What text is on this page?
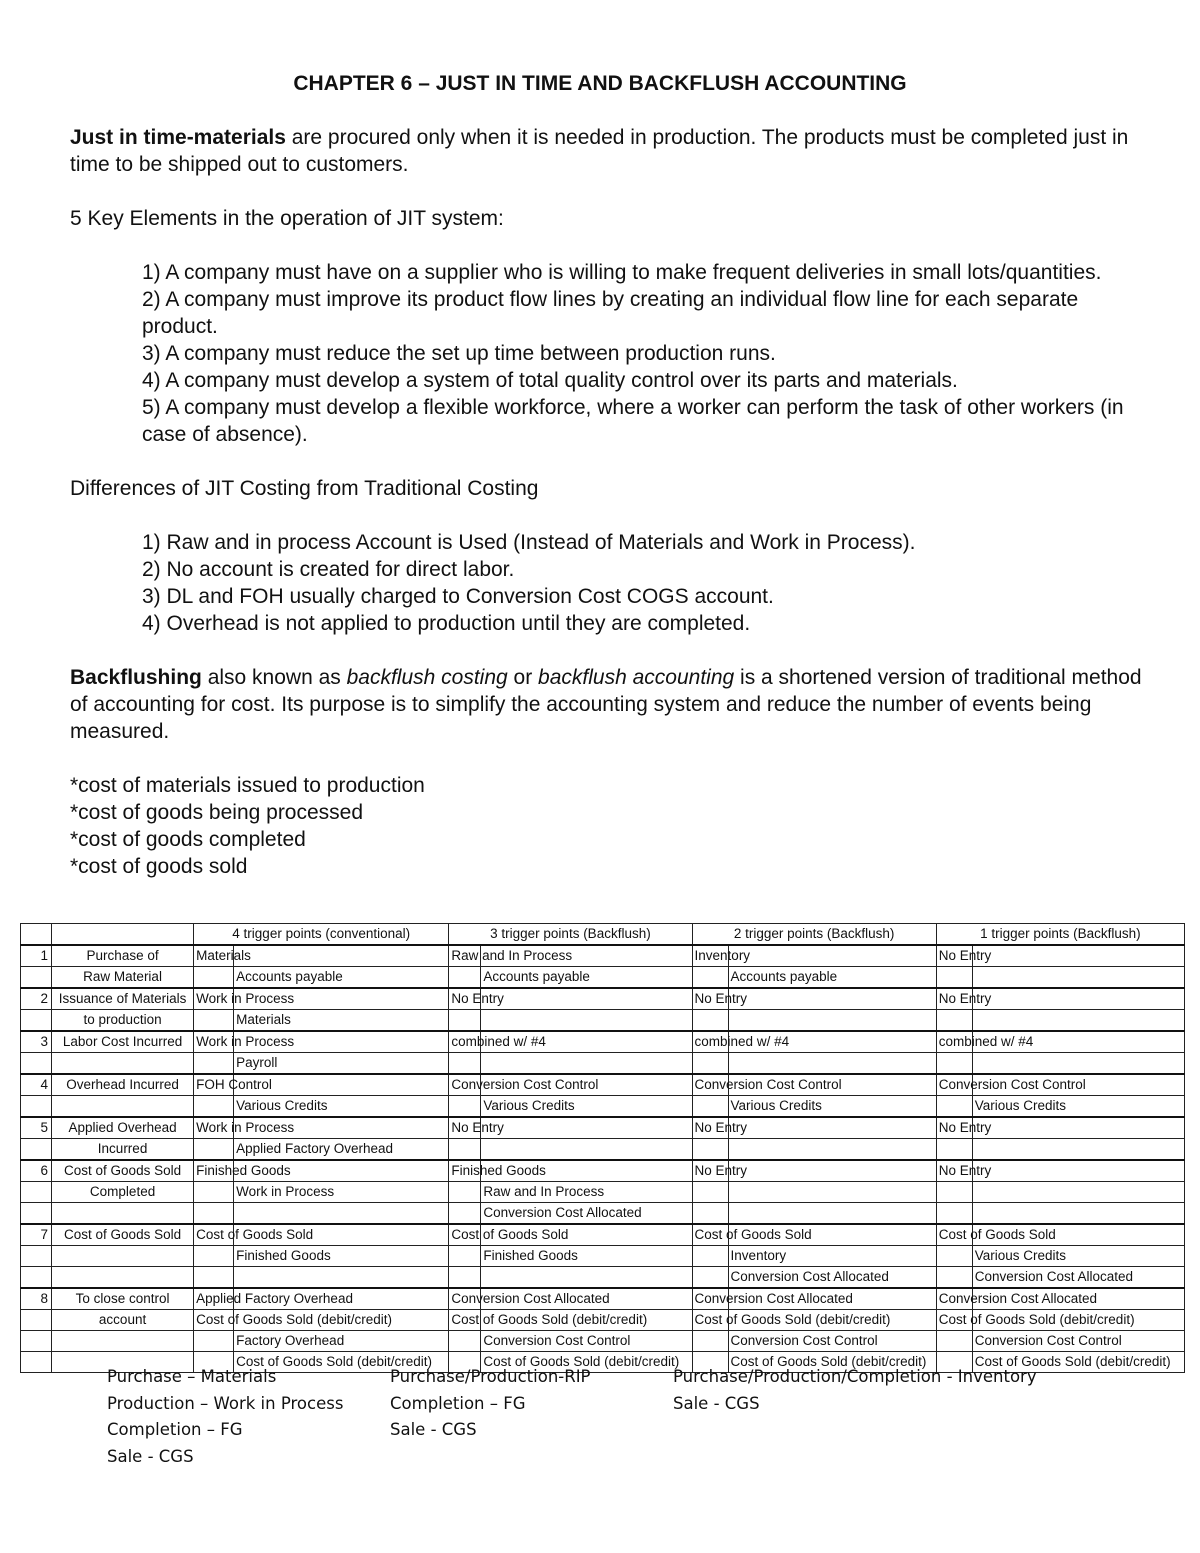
CHAPTER 6 – JUST IN TIME AND BACKFLUSH ACCOUNTING

Just in time-materials are procured only when it is needed in production. The products must be completed just in time to be shipped out to customers.

5 Key Elements in the operation of JIT system:

1) A company must have on a supplier who is willing to make frequent deliveries in small lots/quantities.
2) A company must improve its product flow lines by creating an individual flow line for each separate product.
3) A company must reduce the set up time between production runs.
4) A company must develop a system of total quality control over its parts and materials.
5) A company must develop a flexible workforce, where a worker can perform the task of other workers (in case of absence).

Differences of JIT Costing from Traditional Costing

1) Raw and in process Account is Used (Instead of Materials and Work in Process).
2) No account is created for direct labor.
3) DL and FOH usually charged to Conversion Cost COGS account.
4) Overhead is not applied to production until they are completed.

Backflushing also known as backflush costing or backflush accounting is a shortened version of traditional method of accounting for cost. Its purpose is to simplify the accounting system and reduce the number of events being measured.

*cost of materials issued to production
*cost of goods being processed
*cost of goods completed
*cost of goods sold
		4 trigger points (conventional)		3 trigger points (Backflush)		2 trigger points (Backflush)		1 trigger points (Backflush)	
1	Purchase of	Materials		Raw and In Process		Inventory		No Entry	
	Raw Material		Accounts payable		Accounts payable		Accounts payable		
2	Issuance of Materials	Work in Process		No Entry		No Entry		No Entry	
	to production		Materials						
3	Labor Cost Incurred	Work in Process		combined w/ #4		combined w/ #4		combined w/ #4	
			Payroll						
4	Overhead Incurred	FOH Control		Conversion Cost Control		Conversion Cost Control		Conversion Cost Control	
			Various Credits		Various Credits		Various Credits		Various Credits
5	Applied Overhead	Work in Process		No Entry		No Entry		No Entry	
	Incurred		Applied Factory Overhead						
6	Cost of Goods Sold	Finished Goods		Finished Goods		No Entry		No Entry	
	Completed		Work in Process		Raw and In Process				
					Conversion Cost Allocated				
7	Cost of Goods Sold	Cost of Goods Sold		Cost of Goods Sold		Cost of Goods Sold		Cost of Goods Sold	
			Finished Goods		Finished Goods		Inventory		Various Credits
							Conversion Cost Allocated		Conversion Cost Allocated
8	To close control	Applied Factory Overhead		Conversion Cost Allocated		Conversion Cost Allocated		Conversion Cost Allocated	
	account	Cost of Goods Sold (debit/credit)		Cost of Goods Sold (debit/credit)		Cost of Goods Sold (debit/credit)		Cost of Goods Sold (debit/credit)	
			Factory Overhead		Conversion Cost Control		Conversion Cost Control		Conversion Cost Control
			Cost of Goods Sold (debit/credit)		Cost of Goods Sold (debit/credit)		Cost of Goods Sold (debit/credit)		Cost of Goods Sold (debit/credit)
Purchase – Materials
Production – Work in Process
Completion – FG
Sale - CGS
Purchase/Production-RIP
Completion – FG
Sale - CGS
Purchase/Production/Completion - Inventory
Sale - CGS
